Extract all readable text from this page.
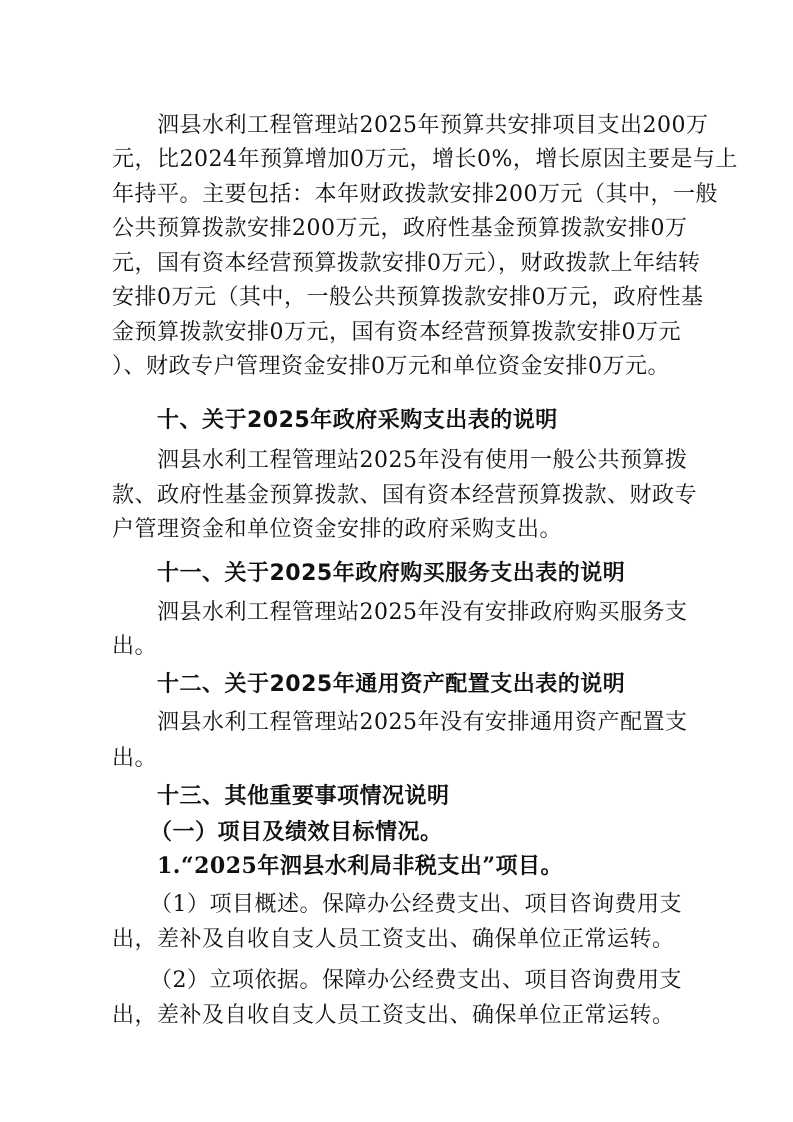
泗县水利工程管理站2025年预算共安排项目支出200万
元，比2024年预算增加0万元，增长0%，增长原因主要是与上
年持平。主要包括：本年财政拨款安排200万元（其中，一般
公共预算拨款安排200万元，政府性基金预算拨款安排0万
元，国有资本经营预算拨款安排0万元），财政拨款上年结转
安排0万元（其中，一般公共预算拨款安排0万元，政府性基
金预算拨款安排0万元，国有资本经营预算拨款安排0万元
）、财政专户管理资金安排0万元和单位资金安排0万元。
十、关于2025年政府采购支出表的说明
泗县水利工程管理站2025年没有使用一般公共预算拨
款、政府性基金预算拨款、国有资本经营预算拨款、财政专
户管理资金和单位资金安排的政府采购支出。
十一、关于2025年政府购买服务支出表的说明
泗县水利工程管理站2025年没有安排政府购买服务支
出。
十二、关于2025年通用资产配置支出表的说明
泗县水利工程管理站2025年没有安排通用资产配置支
出。
十三、其他重要事项情况说明
（一）项目及绩效目标情况。
1.“2025年泗县水利局非税支出”项目。
（1）项目概述。保障办公经费支出、项目咨询费用支
出，差补及自收自支人员工资支出、确保单位正常运转。
（2）立项依据。保障办公经费支出、项目咨询费用支
出，差补及自收自支人员工资支出、确保单位正常运转。
